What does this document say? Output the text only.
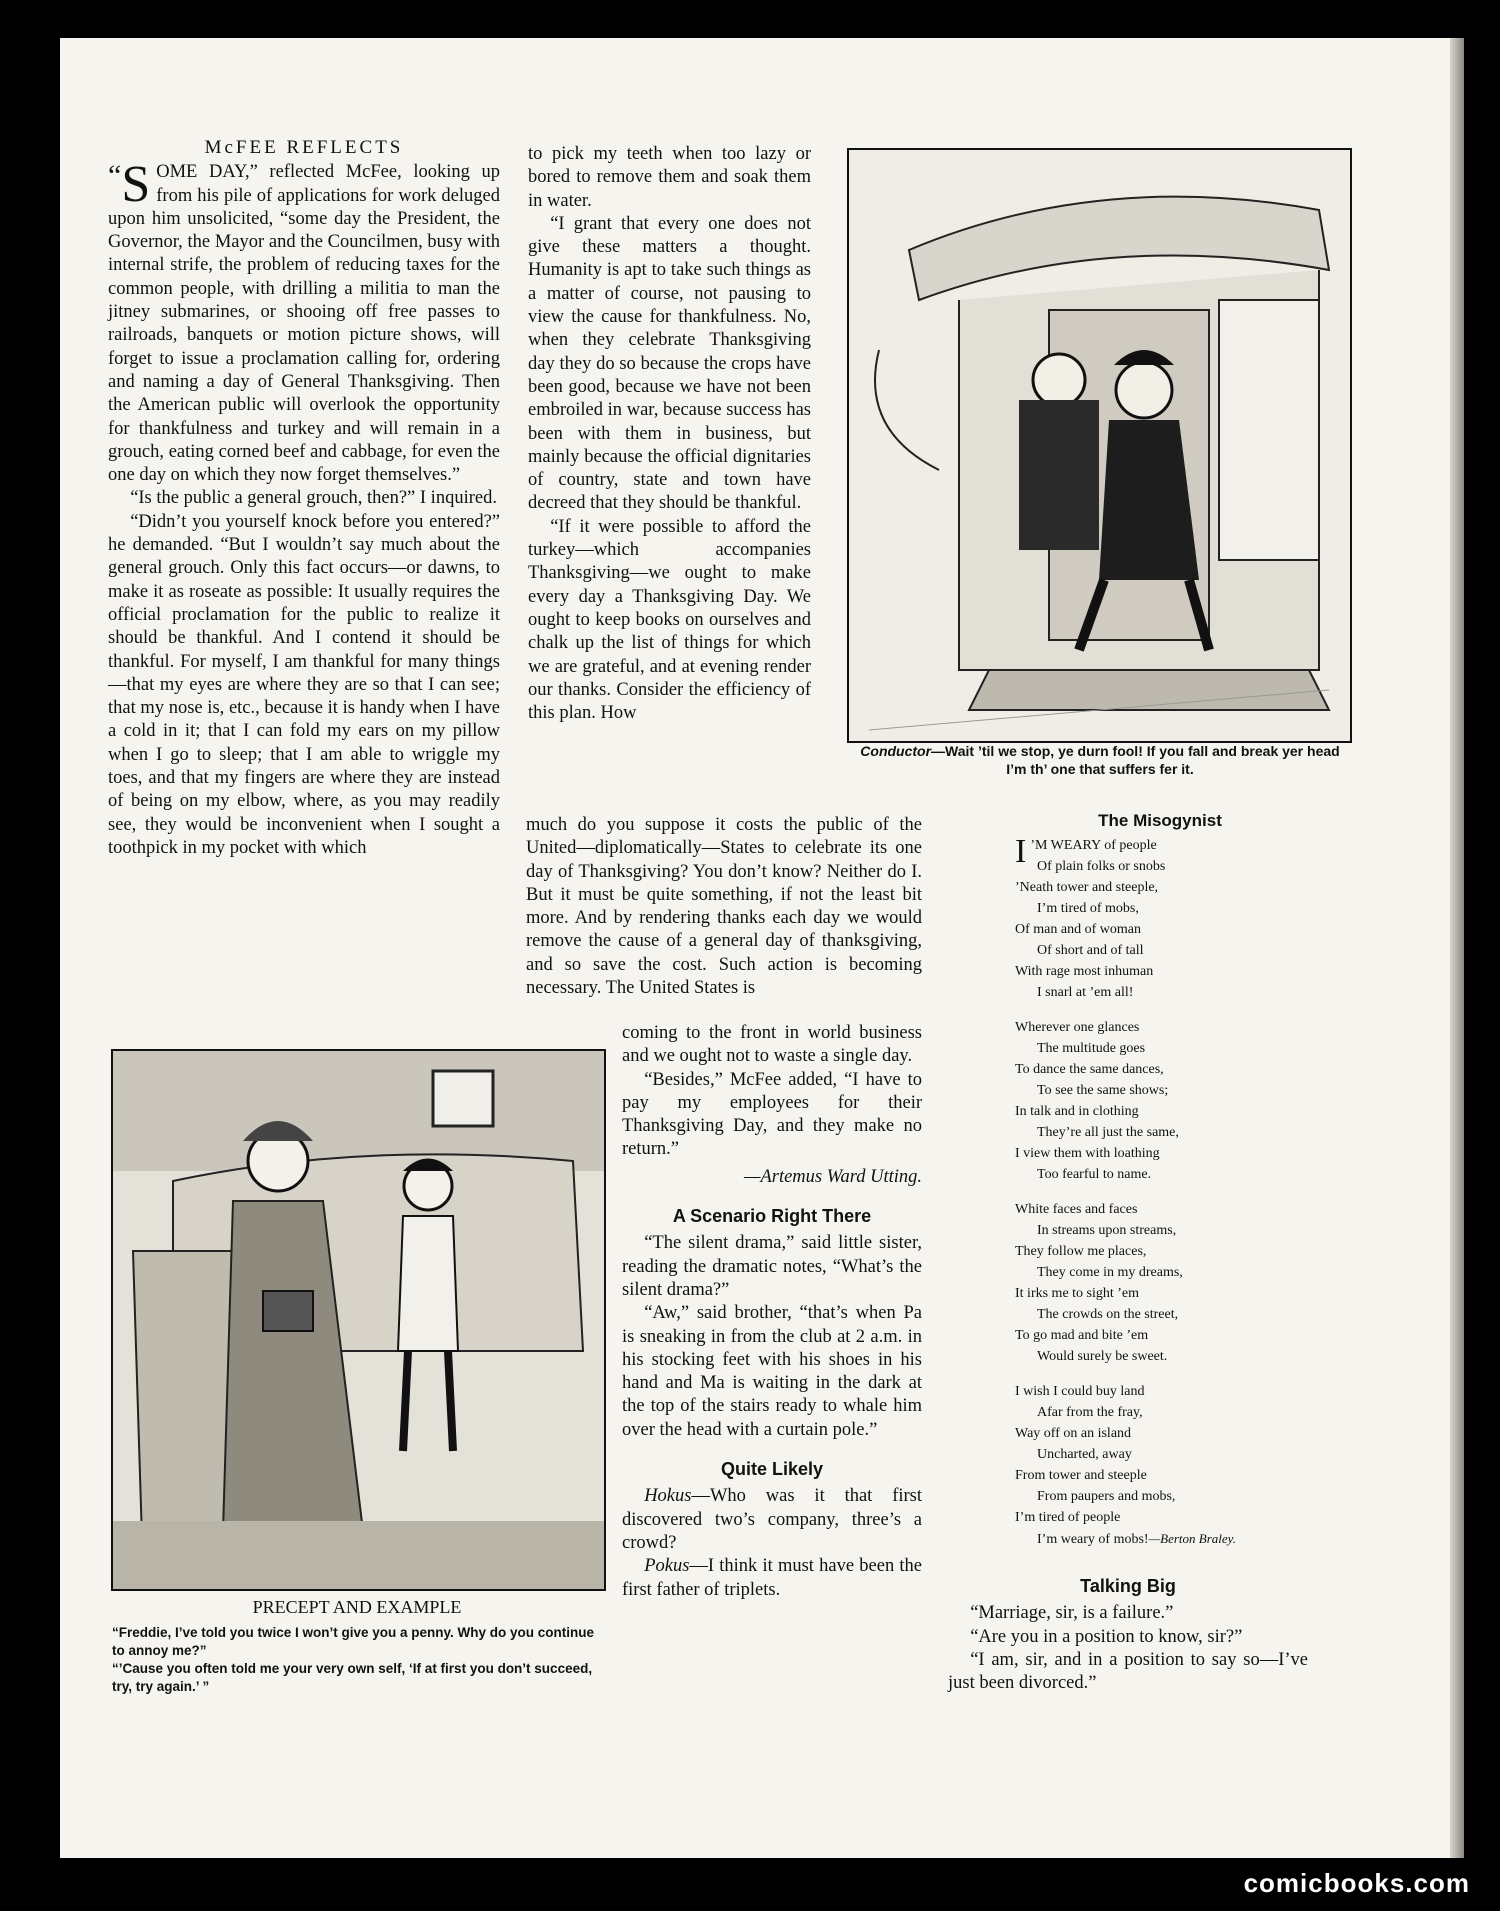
McFEE REFLECTS

“ S OME DAY,” reflected McFee, looking up from his pile of applications for work deluged upon him unsolicited, “some day the President, the Governor, the Mayor and the Councilmen, busy with internal strife, the problem of reducing taxes for the common people, with drilling a militia to man the jitney submarines, or shooing off free passes to railroads, banquets or motion picture shows, will forget to issue a proclamation calling for, ordering and naming a day of General Thanksgiving. Then the American public will overlook the opportunity for thankfulness and turkey and will remain in a grouch, eating corned beef and cabbage, for even the one day on which they now forget themselves.”

“Is the public a general grouch, then?” I inquired.

“Didn’t you yourself knock before you entered?” he demanded. “But I wouldn’t say much about the general grouch. Only this fact occurs—or dawns, to make it as roseate as possible: It usually requires the official proclamation for the public to realize it should be thankful. And I contend it should be thankful. For myself, I am thankful for many things—that my eyes are where they are so that I can see; that my nose is, etc., because it is handy when I have a cold in it; that I can fold my ears on my pillow when I go to sleep; that I am able to wriggle my toes, and that my fingers are where they are instead of being on my elbow, where, as you may readily see, they would be inconvenient when I sought a toothpick in my pocket with which

to pick my teeth when too lazy or bored to remove them and soak them in water.

“I grant that every one does not give these matters a thought. Humanity is apt to take such things as a matter of course, not pausing to view the cause for thankfulness. No, when they celebrate Thanksgiving day they do so because the crops have been good, because we have not been embroiled in war, because success has been with them in business, but mainly because the official dignitaries of country, state and town have decreed that they should be thankful.

“If it were possible to afford the turkey—which accompanies Thanksgiving—we ought to make every day a Thanksgiving Day. We ought to keep books on ourselves and chalk up the list of things for which we are grateful, and at evening render our thanks. Consider the efficiency of this plan. How

much do you suppose it costs the public of the United—diplomatically—States to celebrate its one day of Thanksgiving? You don’t know? Neither do I. But it must be quite something, if not the least bit more. And by rendering thanks each day we would remove the cause of a general day of thanksgiving, and so save the cost. Such action is becoming necessary. The United States is

coming to the front in world business and we ought not to waste a single day.

“Besides,” McFee added, “I have to pay my employees for their Thanksgiving Day, and they make no return.”

—Artemus Ward Utting.
A Scenario Right There

“The silent drama,” said little sister, reading the dramatic notes, “What’s the silent drama?”

“Aw,” said brother, “that’s when Pa is sneaking in from the club at 2 a.m. in his stocking feet with his shoes in his hand and Ma is waiting in the dark at the top of the stairs ready to whale him over the head with a curtain pole.”

Quite Likely

Hokus—Who was it that first discovered two’s company, three’s a crowd?

Pokus—I think it must have been the first father of triplets.

Conductor—Wait ’til we stop, ye durn fool! If you fall and break yer head I’m th’ one that suffers fer it.
The Misogynist
I ’M WEARY of people
Of plain folks or snobs
’Neath tower and steeple,
I’m tired of mobs,
Of man and of woman
Of short and of tall
With rage most inhuman
I snarl at ’em all!
Wherever one glances
The multitude goes
To dance the same dances,
To see the same shows;
In talk and in clothing
They’re all just the same,
I view them with loathing
Too fearful to name.
White faces and faces
In streams upon streams,
They follow me places,
They come in my dreams,
It irks me to sight ’em
The crowds on the street,
To go mad and bite ’em
Would surely be sweet.
I wish I could buy land
Afar from the fray,
Way off on an island
Uncharted, away
From tower and steeple
From paupers and mobs,
I’m tired of people
I’m weary of mobs!—Berton Braley.
Talking Big

“Marriage, sir, is a failure.”

“Are you in a position to know, sir?”

“I am, sir, and in a position to say so—I’ve just been divorced.”

PRECEPT AND EXAMPLE
“Freddie, I’ve told you twice I won’t give you a penny. Why do you continue to annoy me?”
“’Cause you often told me your very own self, ‘If at first you don’t succeed, try, try again.’ ”
comicbooks.com
